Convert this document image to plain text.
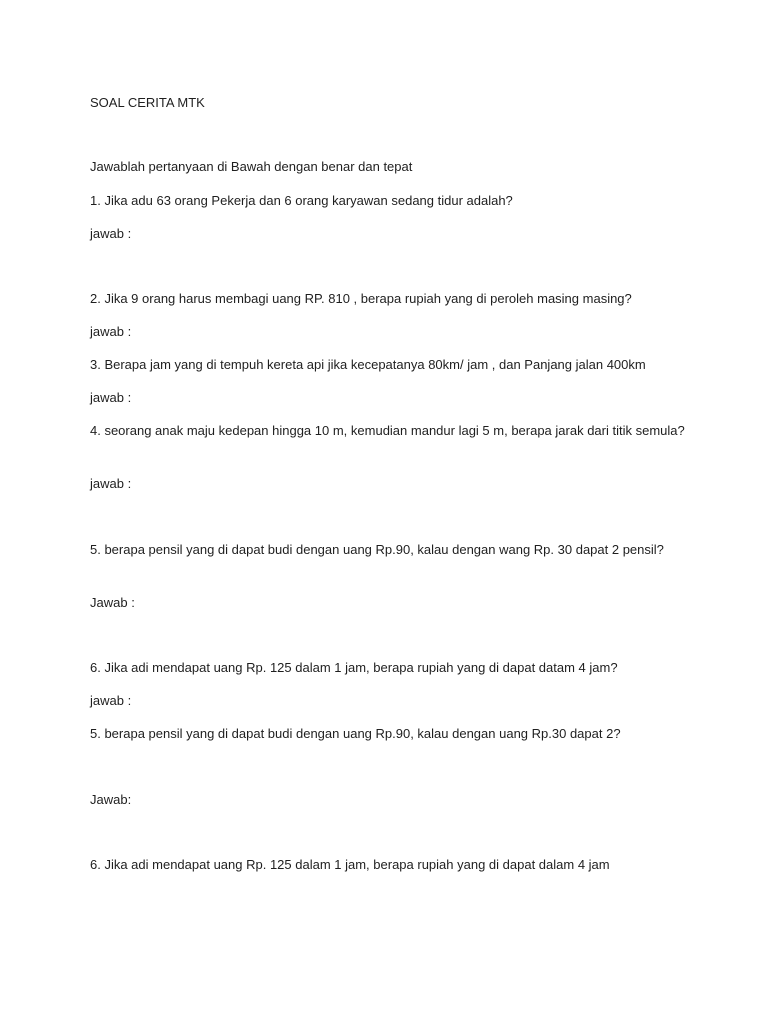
SOAL CERITA MTK

Jawablah pertanyaan di Bawah dengan benar dan tepat

1. Jika adu 63 orang Pekerja dan 6 orang karyawan sedang tidur adalah?

jawab :

2. Jika 9 orang harus membagi uang RP. 810 , berapa rupiah yang di peroleh masing masing?

jawab :

3. Berapa jam yang di tempuh kereta api jika kecepatanya 80km/ jam , dan Panjang jalan 400km

jawab :

4. seorang anak maju kedepan hingga 10 m, kemudian mandur lagi 5 m, berapa jarak dari titik semula?

jawab :

5. berapa pensil yang di dapat budi dengan uang Rp.90, kalau dengan wang Rp. 30 dapat 2 pensil?

Jawab :

6. Jika adi mendapat uang Rp. 125 dalam 1 jam, berapa rupiah yang di dapat datam 4 jam?

jawab :

5. berapa pensil yang di dapat budi dengan uang Rp.90, kalau dengan uang Rp.30 dapat 2?

Jawab:

6. Jika adi mendapat uang Rp. 125 dalam 1 jam, berapa rupiah yang di dapat dalam 4 jam
